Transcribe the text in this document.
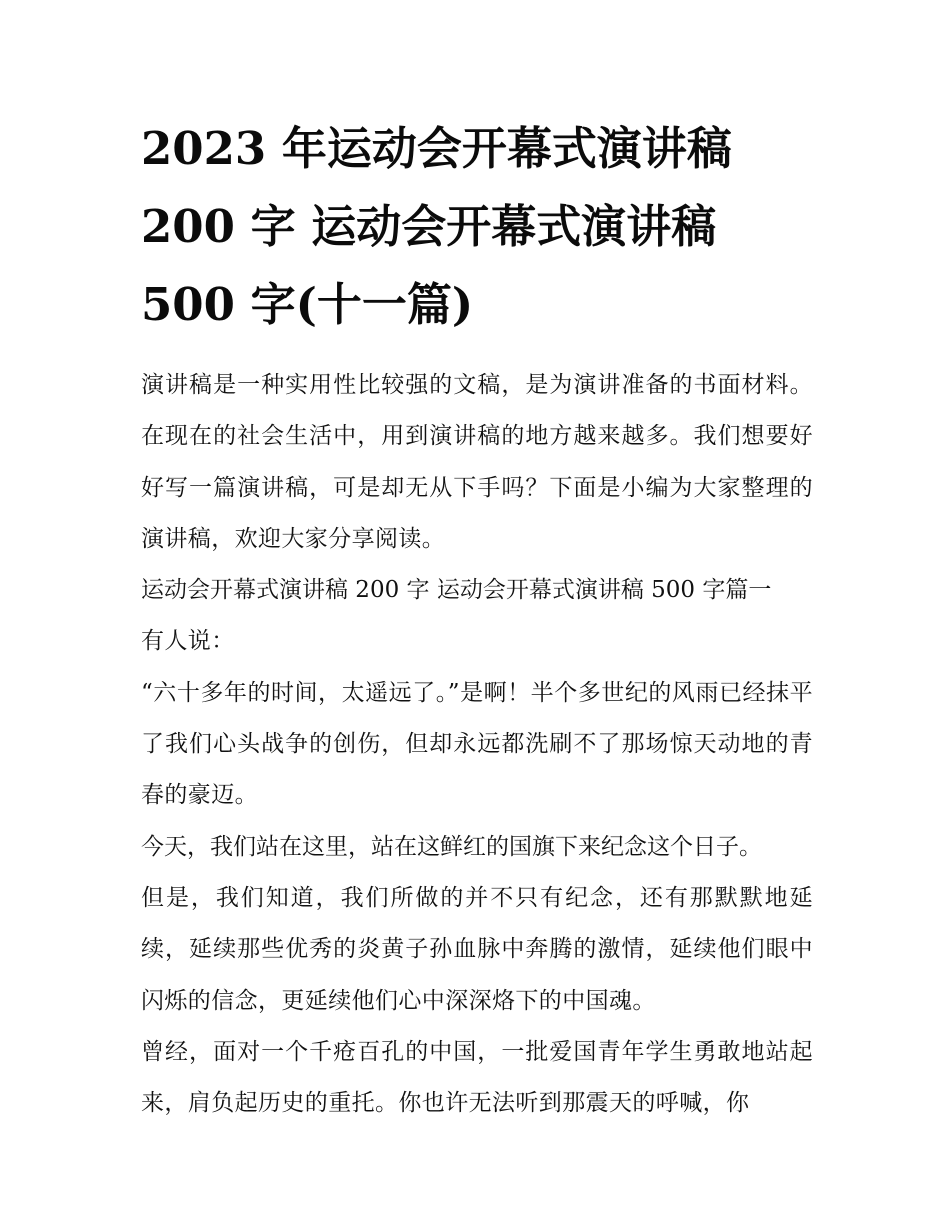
2023 年运动会开幕式演讲稿
200 字 运动会开幕式演讲稿
500 字(十一篇)

演讲稿是一种实用性比较强的文稿，是为演讲准备的书面材料。在现在的社会生活中，用到演讲稿的地方越来越多。我们想要好好写一篇演讲稿，可是却无从下手吗？下面是小编为大家整理的演讲稿，欢迎大家分享阅读。

运动会开幕式演讲稿 200 字 运动会开幕式演讲稿 500 字篇一

有人说：

“六十多年的时间，太遥远了。”是啊！半个多世纪的风雨已经抹平了我们心头战争的创伤，但却永远都洗刷不了那场惊天动地的青春的豪迈。

今天，我们站在这里，站在这鲜红的国旗下来纪念这个日子。

但是，我们知道，我们所做的并不只有纪念，还有那默默地延续，延续那些优秀的炎黄子孙血脉中奔腾的激情，延续他们眼中闪烁的信念，更延续他们心中深深烙下的中国魂。

曾经，面对一个千疮百孔的中国，一批爱国青年学生勇敢地站起来，肩负起历史的重托。你也许无法听到那震天的呼喊，你
